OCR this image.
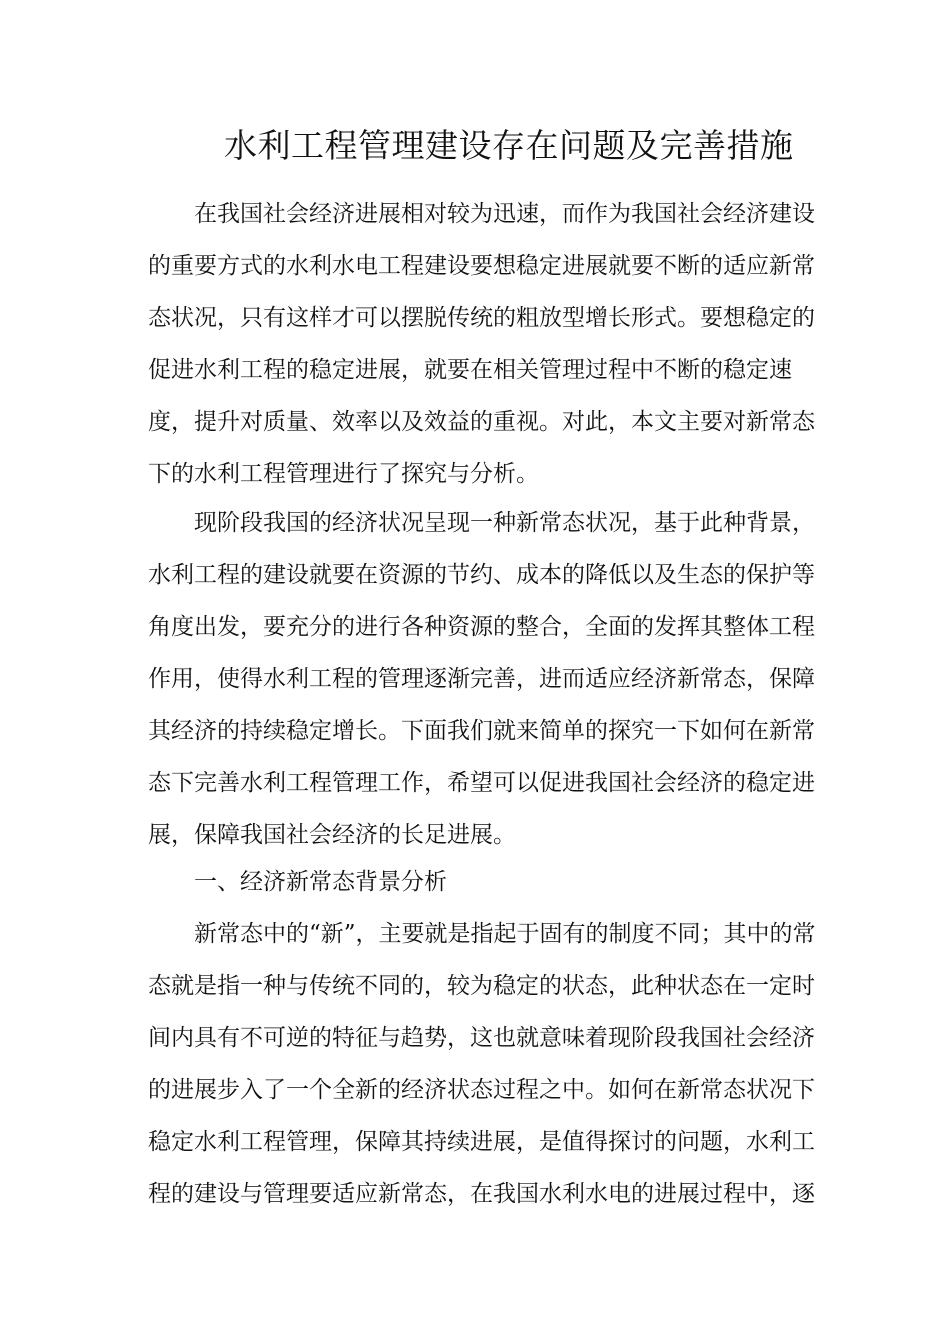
水利工程管理建设存在问题及完善措施
　　在我国社会经济进展相对较为迅速，而作为我国社会经济建设
的重要方式的水利水电工程建设要想稳定进展就要不断的适应新常
态状况，只有这样才可以摆脱传统的粗放型增长形式。要想稳定的
促进水利工程的稳定进展，就要在相关管理过程中不断的稳定速
度，提升对质量、效率以及效益的重视。对此，本文主要对新常态
下的水利工程管理进行了探究与分析。
　　现阶段我国的经济状况呈现一种新常态状况，基于此种背景，
水利工程的建设就要在资源的节约、成本的降低以及生态的保护等
角度出发，要充分的进行各种资源的整合，全面的发挥其整体工程
作用，使得水利工程的管理逐渐完善，进而适应经济新常态，保障
其经济的持续稳定增长。下面我们就来简单的探究一下如何在新常
态下完善水利工程管理工作，希望可以促进我国社会经济的稳定进
展，保障我国社会经济的长足进展。
　　一、经济新常态背景分析
　　新常态中的“新”，主要就是指起于固有的制度不同；其中的常
态就是指一种与传统不同的，较为稳定的状态，此种状态在一定时
间内具有不可逆的特征与趋势，这也就意味着现阶段我国社会经济
的进展步入了一个全新的经济状态过程之中。如何在新常态状况下
稳定水利工程管理，保障其持续进展，是值得探讨的问题，水利工
程的建设与管理要适应新常态，在我国水利水电的进展过程中，逐
